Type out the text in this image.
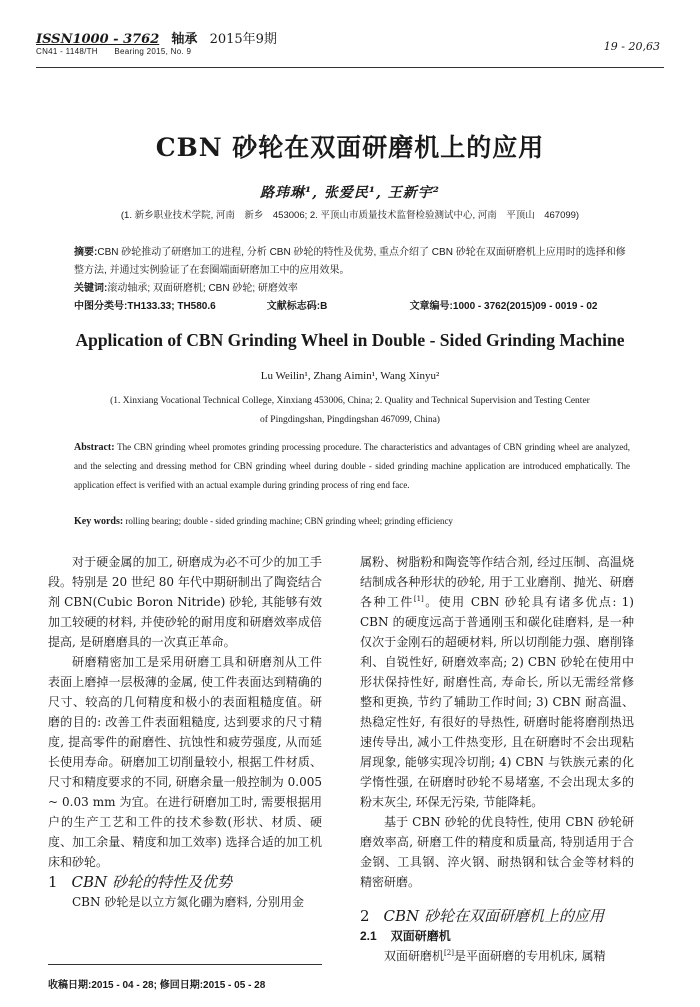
ISSN1000 - 3762 轴承 2015年9期
CN41 - 1148/TH Bearing 2015, No. 9	19 - 20,63
CBN 砂轮在双面研磨机上的应用
路玮琳¹, 张爱民¹, 王新宇²
(1. 新乡职业技术学院, 河南　新乡　453006; 2. 平顶山市质量技术监督检验测试中心, 河南　平顶山　467099)
摘要:CBN 砂轮推动了研磨加工的进程, 分析 CBN 砂轮的特性及优势, 重点介绍了 CBN 砂轮在双面研磨机上应用时的选择和修整方法, 并通过实例验证了在套圈端面研磨加工中的应用效果。
关键词:滚动轴承; 双面研磨机; CBN 砂轮; 研磨效率
中图分类号:TH133.33; TH580.6	文献标志码:B	文章编号:1000 - 3762(2015)09 - 0019 - 02
Application of CBN Grinding Wheel in Double - Sided Grinding Machine
Lu Weilin¹, Zhang Aimin¹, Wang Xinyu²
(1. Xinxiang Vocational Technical College, Xinxiang 453006, China; 2. Quality and Technical Supervision and Testing Center of Pingdingshan, Pingdingshan 467099, China)
Abstract: The CBN grinding wheel promotes grinding processing procedure. The characteristics and advantages of CBN grinding wheel are analyzed, and the selecting and dressing method for CBN grinding wheel during double - sided grinding machine application are introduced emphatically. The application effect is verified with an actual example during grinding process of ring end face.
Key words: rolling bearing; double - sided grinding machine; CBN grinding wheel; grinding efficiency

对于硬金属的加工, 研磨成为必不可少的加工手段。特别是 20 世纪 80 年代中期研制出了陶瓷结合剂 CBN(Cubic Boron Nitride) 砂轮, 其能够有效加工较硬的材料, 并使砂轮的耐用度和研磨效率成倍提高, 是研磨磨具的一次真正革命。

研磨精密加工是采用研磨工具和研磨剂从工件表面上磨掉一层极薄的金属, 使工件表面达到精确的尺寸、较高的几何精度和极小的表面粗糙度值。研磨的目的: 改善工件表面粗糙度, 达到要求的尺寸精度, 提高零件的耐磨性、抗蚀性和疲劳强度, 从而延长使用寿命。研磨加工切削量较小, 根据工件材质、尺寸和精度要求的不同, 研磨余量一般控制为 0.005 ~ 0.03 mm 为宜。在进行研磨加工时, 需要根据用户的生产工艺和工件的技术参数(形状、材质、硬度、加工余量、精度和加工效率) 选择合适的加工机床和砂轮。

1 CBN 砂轮的特性及优势

CBN 砂轮是以立方氮化硼为磨料, 分别用金

属粉、树脂粉和陶瓷等作结合剂, 经过压制、高温烧结制成各种形状的砂轮, 用于工业磨削、抛光、研磨各种工件[1]。使用 CBN 砂轮具有诸多优点: 1) CBN 的硬度远高于普通刚玉和碳化硅磨料, 是一种仅次于金刚石的超硬材料, 所以切削能力强、磨削锋利、自锐性好, 研磨效率高; 2) CBN 砂轮在使用中形状保持性好, 耐磨性高, 寿命长, 所以无需经常修整和更换, 节约了辅助工作时间; 3) CBN 耐高温、热稳定性好, 有很好的导热性, 研磨时能将磨削热迅速传导出, 减小工件热变形, 且在研磨时不会出现粘屑现象, 能够实现冷切削; 4) CBN 与铁族元素的化学惰性强, 在研磨时砂轮不易堵塞, 不会出现太多的粉末灰尘, 环保无污染, 节能降耗。

基于 CBN 砂轮的优良特性, 使用 CBN 砂轮研磨效率高, 研磨工件的精度和质量高, 特别适用于合金钢、工具钢、淬火钢、耐热钢和钛合金等材料的精密研磨。

2 CBN 砂轮在双面研磨机上的应用

2.1 双面研磨机

双面研磨机[2]是平面研磨的专用机床, 属精

收稿日期:2015 - 04 - 28; 修回日期:2015 - 05 - 28
